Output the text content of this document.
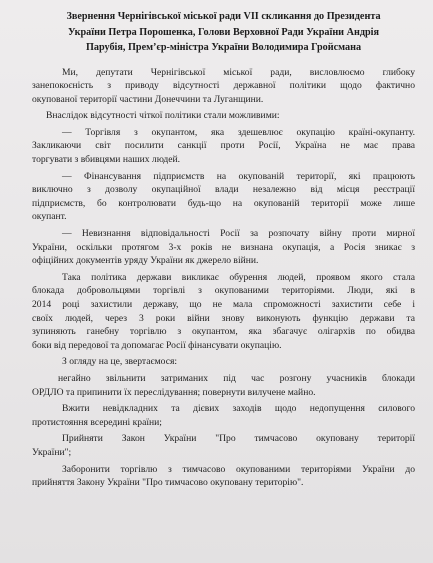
Звернення Чернігівської міської ради VII скликання до Президента
України Петра Порошенка, Голови Верховної Ради України Андрія
Парубія, Прем’єр-міністра України Володимира Гройсмана

Ми, депутати Чернігівської міської ради, висловлюємо глибоку
занепокоєність з приводу відсутності державної політики щодо фактично
окупованої території частини Донеччини та Луганщини.

Внаслідок відсутності чіткої політики стали можливими:

— Торгівля з окупантом, яка здешевлює окупацію країні-окупанту.
Закликаючи світ посилити санкції проти Росії, Україна не має права
торгувати з вбивцями наших людей.

— Фінансування підприємств на окупованій території, які працюють
виключно з дозволу окупаційної влади незалежно від місця реєстрації
підприємств, бо контролювати будь-що на окупованій території може лише
окупант.

— Невизнання відповідальності Росії за розпочату війну проти мирної
України, оскільки протягом 3-х років не визнана окупація, а Росія зникає з
офіційних документів уряду України як джерело війни.

Така політика держави викликає обурення людей, проявом якого стала
блокада добровольцями торгівлі з окупованими територіями. Люди, які в
2014 році захистили державу, що не мала спроможності захистити себе і
своїх людей, через 3 роки війни знову виконують функцію держави та
зупиняють ганебну торгівлю з окупантом, яка збагачує олігархів по обидва
боки від передової та допомагає Росії фінансувати окупацію.

З огляду на це, звертаємося:

негайно звільнити затриманих під час розгону учасників блокади
ОРДЛО та припинити їх переслідування; повернути вилучене майно.

Вжити невідкладних та дієвих заходів щодо недопущення силового
протистояння всередині країни;

Прийняти Закон України "Про тимчасово окуповану території
України";

Заборонити торгівлю з тимчасово окупованими територіями України до
прийняття Закону України "Про тимчасово окуповану територію".
